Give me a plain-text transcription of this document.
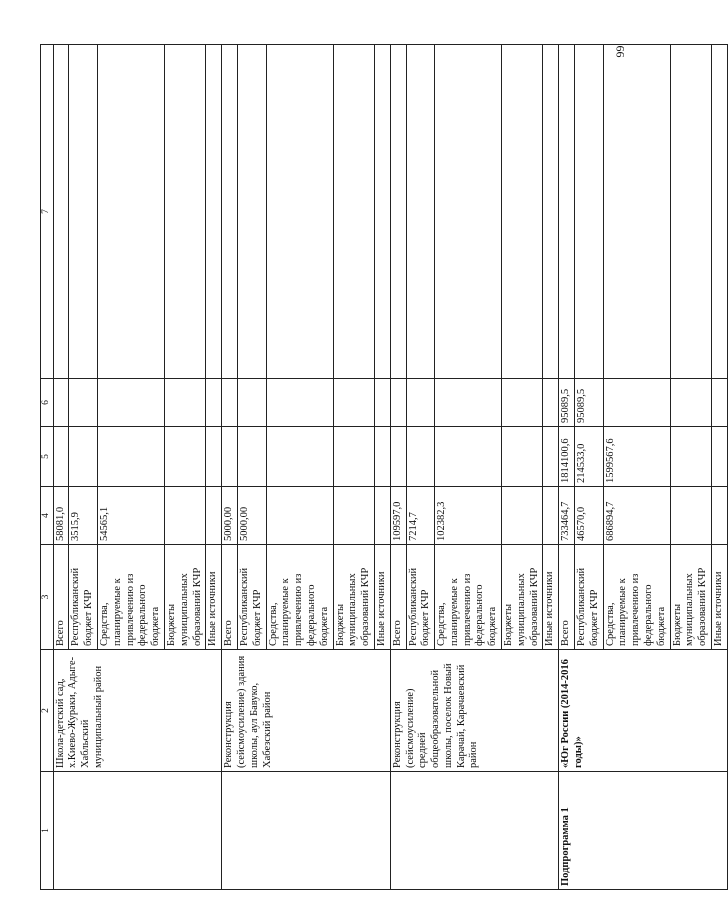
66
1	2	3	4	5	6	7
	Школа-детский сад, х.Киево-Жураки, Адыге-Хабльский муниципальный район	Всего	58081,0			
		Республиканский бюджет КЧР	3515,9			
		Средства, планируемые к привлечению из федерального бюджета	54565,1			
		Бюджеты муниципальных образований КЧР				
		Иные источники				
	Реконструкция (сейсмоусиление) здания школы, аул Бавуко, Хабезский район	Всего	5000,00			
		Республиканский бюджет КЧР	5000,00			
		Средства, планируемые к привлечению из федерального бюджета				
		Бюджеты муниципальных образований КЧР				
		Иные источники				
	Реконструкция (сейсмоусиление) средней общеобразовательной школы, поселок Новый Карачай, Карачаевский район	Всего	109597,0			
		Республиканский бюджет КЧР	7214,7			
		Средства, планируемые к привлечению из федерального бюджета	102382,3			
		Бюджеты муниципальных образований КЧР				
		Иные источники				
Подпрограмма 1	«Юг России (2014-2016 годы)»	Всего	733464,7	1814100,6	95089,5	
		Республиканский бюджет КЧР	46570,0	214533,0	95089,5	
		Средства, планируемые к привлечению из федерального бюджета	686894,7	1599567,6		
		Бюджеты муниципальных образований КЧР				
		Иные источники				
